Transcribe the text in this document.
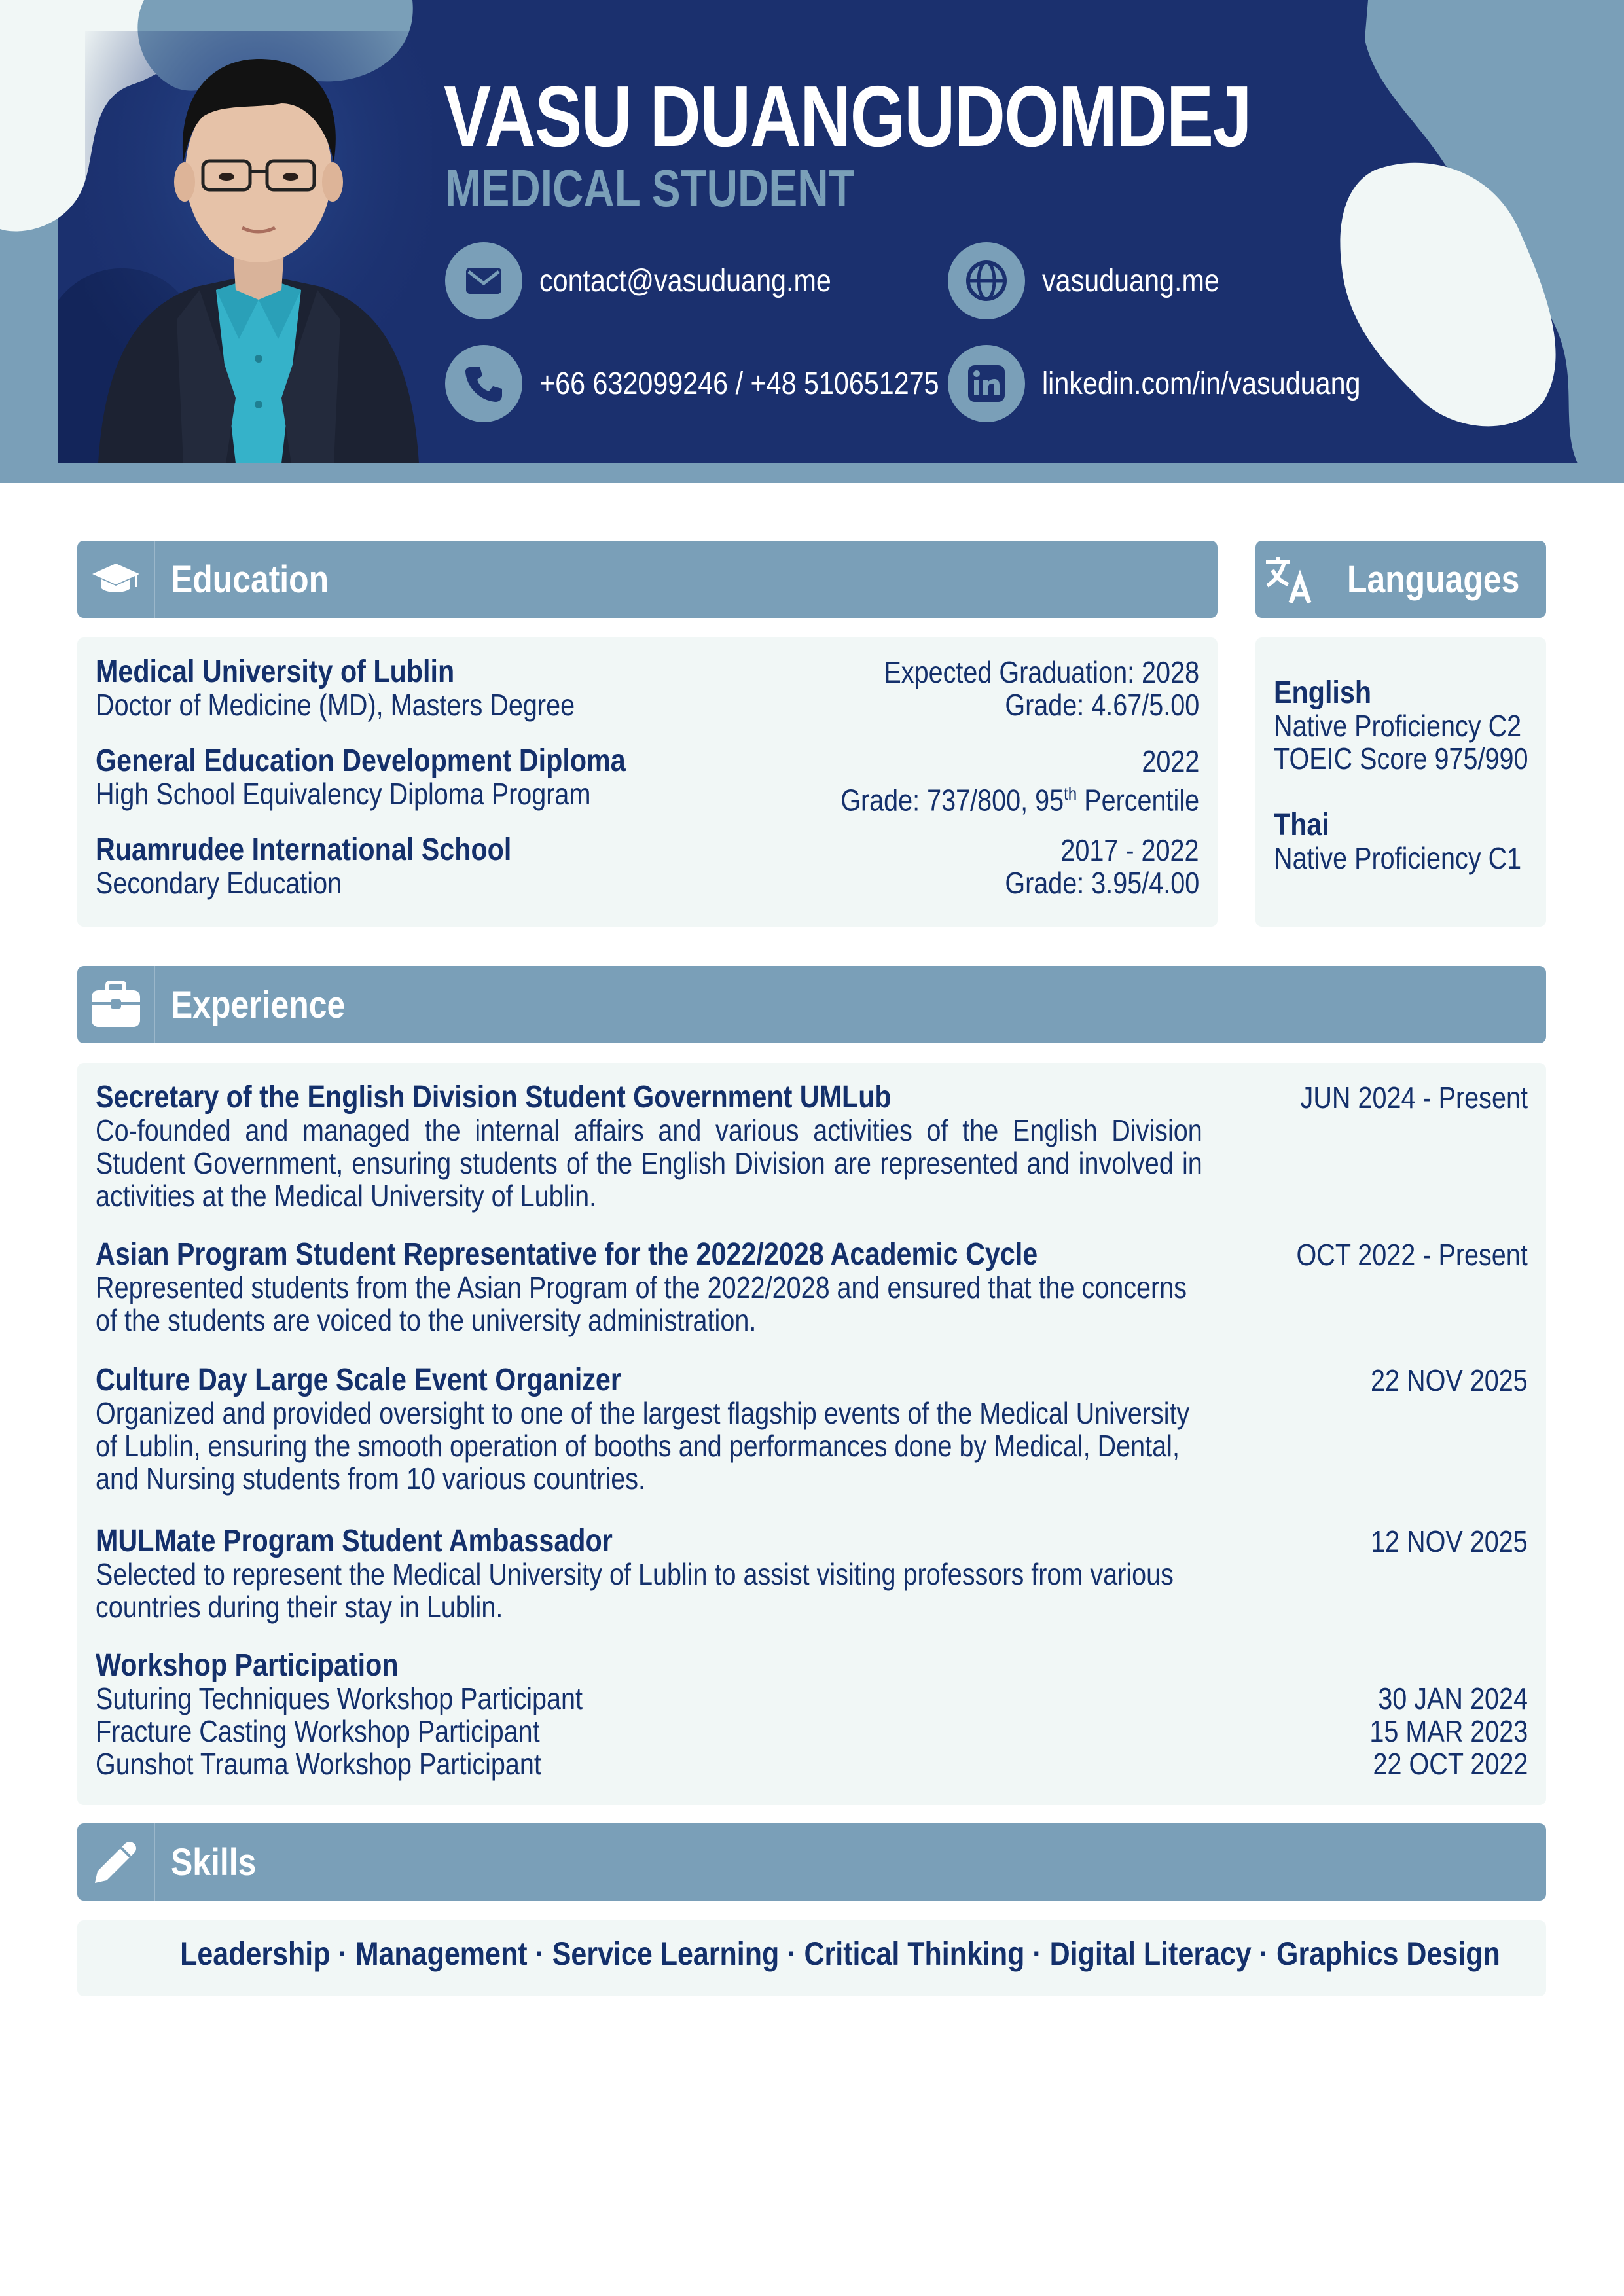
VASU DUANGUDOMDEJ
MEDICAL STUDENT
contact@vasuduang.me	vasuduang.me
+66 632099246 / +48 510651275	linkedin.com/in/vasuduang
Education
Medical University of Lublin
Doctor of Medicine (MD), Masters Degree
Expected Graduation: 2028
Grade: 4.67/5.00
General Education Development Diploma
High School Equivalency Diploma Program
2022
Grade: 737/800, 95th Percentile
Ruamrudee International School
Secondary Education
2017 - 2022
Grade: 3.95/4.00
Languages
English
Native Proficiency C2
TOEIC Score 975/990
Thai
Native Proficiency C1
Experience
Secretary of the English Division Student Government UMLub	JUN 2024 - Present
Co-founded and managed the internal affairs and various activities of the English Division Student Government, ensuring students of the English Division are represented and involved in activities at the Medical University of Lublin.
Asian Program Student Representative for the 2022/2028 Academic Cycle	OCT 2022 - Present
Represented students from the Asian Program of the 2022/2028 and ensured that the concerns of the students are voiced to the university administration.
Culture Day Large Scale Event Organizer	22 NOV 2025
Organized and provided oversight to one of the largest flagship events of the Medical University of Lublin, ensuring the smooth operation of booths and performances done by Medical, Dental, and Nursing students from 10 various countries.
MULMate Program Student Ambassador	12 NOV 2025
Selected to represent the Medical University of Lublin to assist visiting professors from various countries during their stay in Lublin.
Workshop Participation
Suturing Techniques Workshop Participant	30 JAN 2024
Fracture Casting Workshop Participant	15 MAR 2023
Gunshot Trauma Workshop Participant	22 OCT 2022
Skills
Leadership · Management · Service Learning · Critical Thinking · Digital Literacy · Graphics Design
